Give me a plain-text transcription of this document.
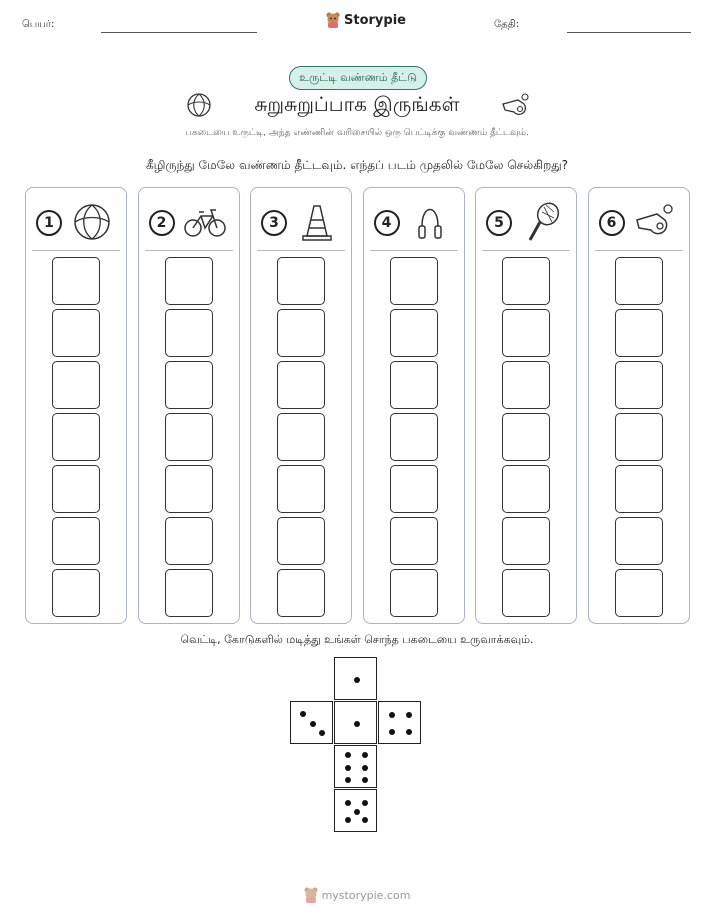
பெயர்:	Storypie	தேதி:
உருட்டி வண்ணம் தீட்டு
சுறுசுறுப்பாக இருங்கள்
பகடையை உருட்டி, அந்த எண்ணின் வரிசையில் ஒரு பெட்டிக்கு வண்ணம் தீட்டவும்.
கீழிருந்து மேலே வண்ணம் தீட்டவும். எந்தப் படம் முதலில் மேலே செல்கிறது?
1	2	3	4	5	6
வெட்டி, கோடுகளில் மடித்து உங்கள் சொந்த பகடையை உருவாக்கவும்.
mystorypie.com
